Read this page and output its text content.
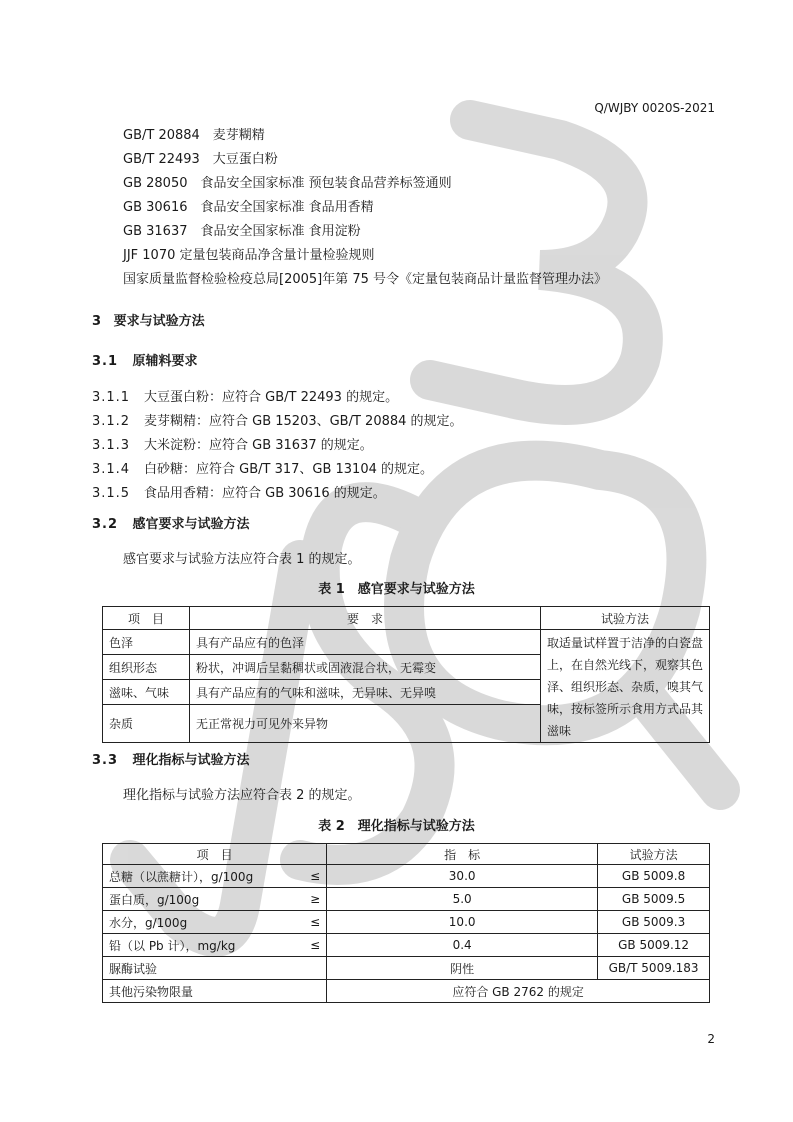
Q/WJBY 0020S-2021
GB/T 20884　麦芽糊精
GB/T 22493　大豆蛋白粉
GB 28050　食品安全国家标准 预包装食品营养标签通则
GB 30616　食品安全国家标准 食品用香精
GB 31637　食品安全国家标准 食用淀粉
JJF 1070 定量包装商品净含量计量检验规则
国家质量监督检验检疫总局[2005]年第 75 号令《定量包装商品计量监督管理办法》
3 要求与试验方法
3.1 原辅料要求
3.1.1 大豆蛋白粉：应符合 GB/T 22493 的规定。
3.1.2 麦芽糊精：应符合 GB 15203、GB/T 20884 的规定。
3.1.3 大米淀粉：应符合 GB 31637 的规定。
3.1.4 白砂糖：应符合 GB/T 317、GB 13104 的规定。
3.1.5 食品用香精：应符合 GB 30616 的规定。
3.2 感官要求与试验方法
感官要求与试验方法应符合表 1 的规定。
表 1　感官要求与试验方法
项　目	要　求	试验方法
色泽	具有产品应有的色泽	取适量试样置于洁净的白瓷盘上，在自然光线下，观察其色泽、组织形态、杂质，嗅其气味，按标签所示食用方式品其滋味
组织形态	粉状，冲调后呈黏稠状或固液混合状，无霉变	
滋味、气味	具有产品应有的气味和滋味，无异味、无异嗅	
杂质	无正常视力可见外来异物	
3.3 理化指标与试验方法
理化指标与试验方法应符合表 2 的规定。
表 2　理化指标与试验方法
项　目		指　标	试验方法
总糖（以蔗糖计），g/100g	≤	30.0	GB 5009.8
蛋白质，g/100g	≥	5.0	GB 5009.5
水分，g/100g	≤	10.0	GB 5009.3
铅（以 Pb 计），mg/kg	≤	0.4	GB 5009.12
脲酶试验		阴性	GB/T 5009.183
其他污染物限量		应符合 GB 2762 的规定	
2
